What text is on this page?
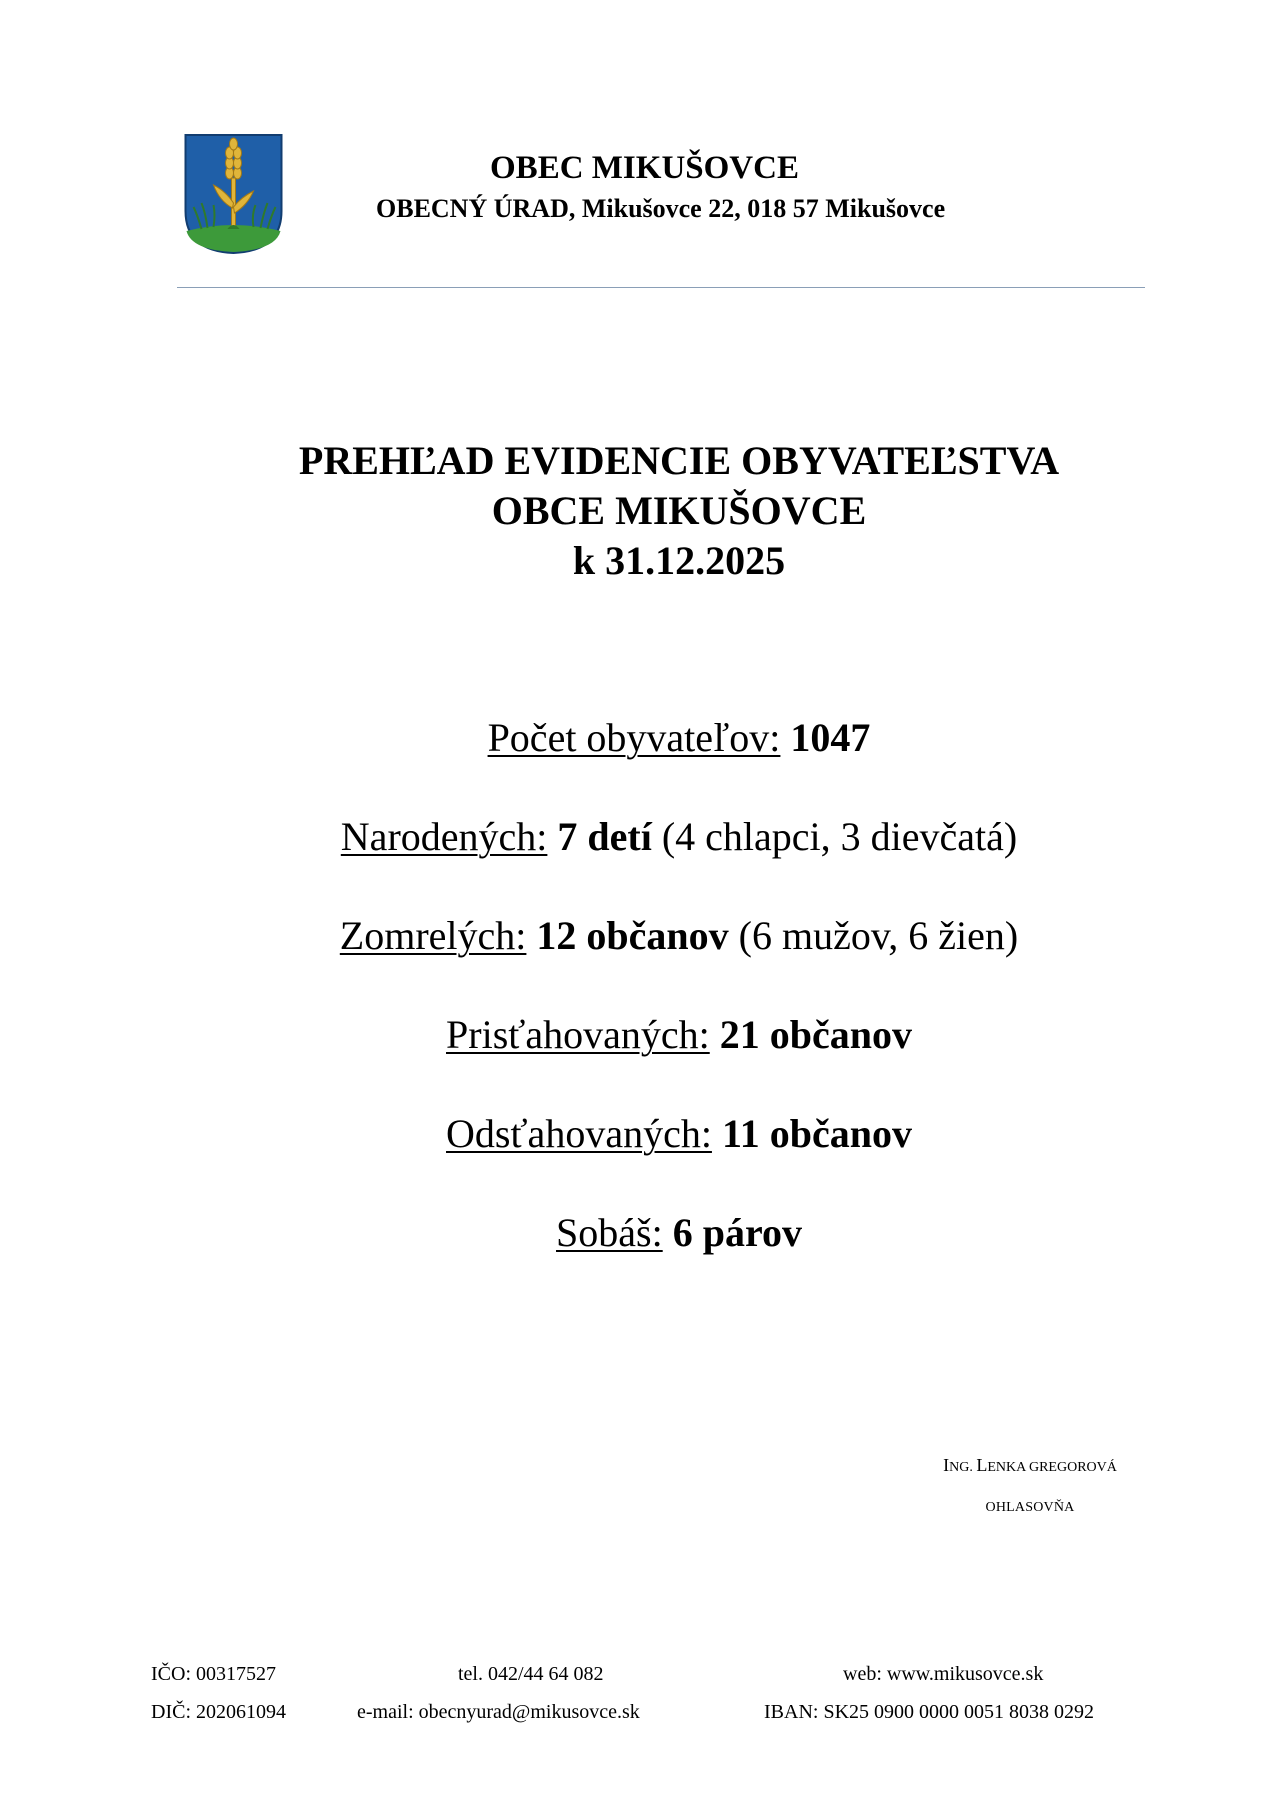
OBEC MIKUŠOVCE
OBECNÝ ÚRAD, Mikušovce 22, 018 57 Mikušovce
PREHĽAD EVIDENCIE OBYVATEĽSTVA
OBCE MIKUŠOVCE
k 31.12.2025
Počet obyvateľov: 1047
Narodených: 7 detí (4 chlapci, 3 dievčatá)
Zomrelých: 12 občanov (6 mužov, 6 žien)
Prisťahovaných: 21 občanov
Odsťahovaných: 11 občanov
Sobáš: 6 párov
ING. LENKA GREGOROVÁ
OHLASOVŇA
IČO: 00317527
DIČ: 202061094
tel. 042/44 64 082
e-mail: obecnyurad@mikusovce.sk
web: www.mikusovce.sk
IBAN: SK25 0900 0000 0051 8038 0292
